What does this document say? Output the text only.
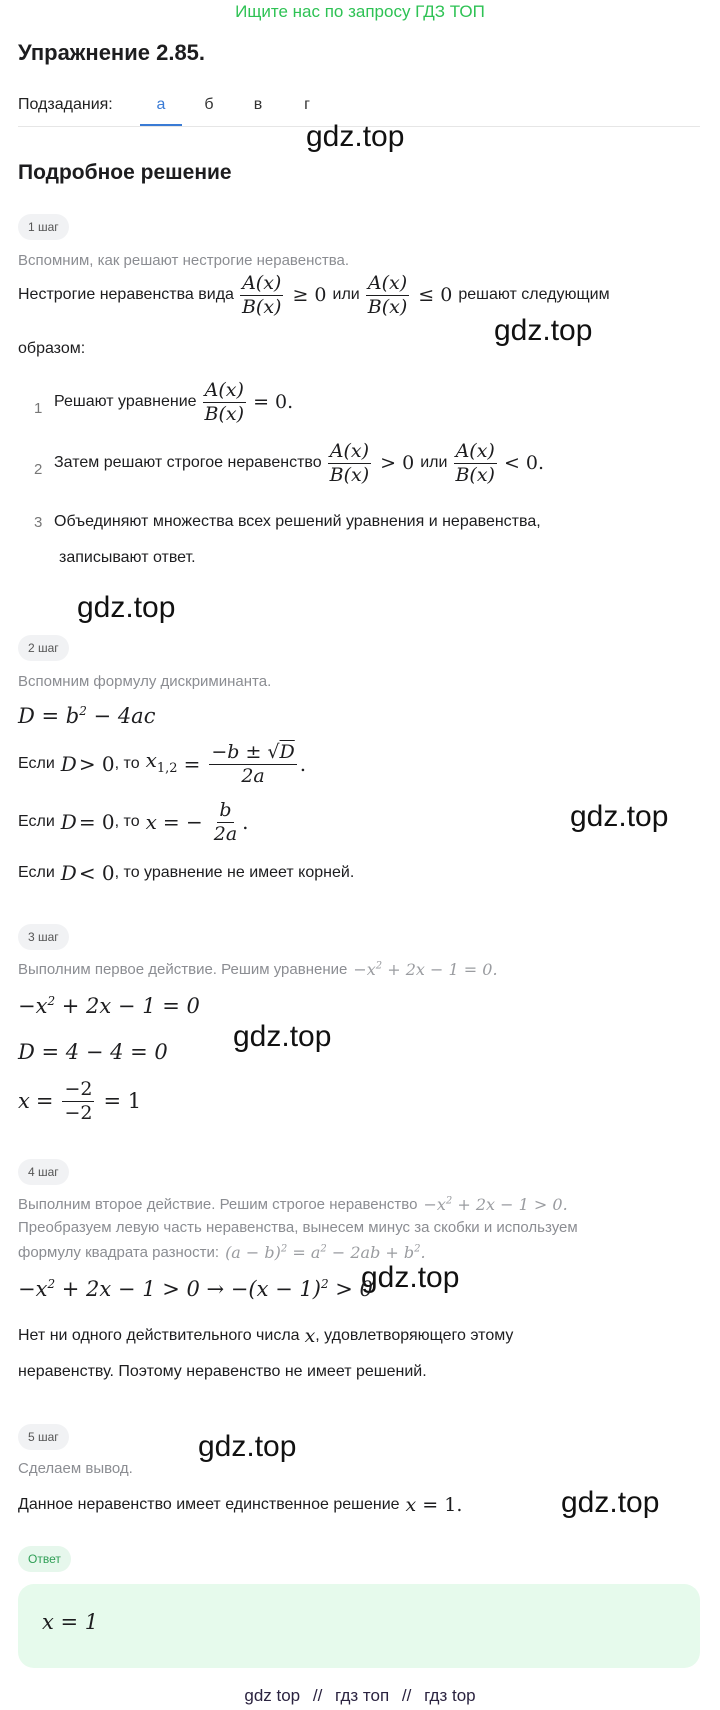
Ищите нас по запросу ГДЗ ТОП
Упражнение 2.85.
Подзадания:	а	б	в	г
gdz.top
gdz.top
gdz.top
gdz.top
gdz.top
gdz.top
gdz.top
gdz.top
Подробное решение
1 шаг
Вспомним, как решают нестрогие неравенства.
Нестрогие неравенства вида $\frac{A(x)}{B(x)} \ge 0$ или $\frac{A(x)}{B(x)} \le 0$ решают следующим
образом:
1 Решают уравнение $\frac{A(x)}{B(x)} = 0$.
2 Затем решают строгое неравенство $\frac{A(x)}{B(x)} > 0$ или $\frac{A(x)}{B(x)} < 0$.
3 Объединяют множества всех решений уравнения и неравенства,
записывают ответ.
2 шаг
Вспомним формулу дискриминанта.
$D = b^2 - 4ac$
Если D > 0 , то $x_{1,2} = \frac{-b \pm √D}{2a}$ .
Если D = 0 , то x = − $\frac{b}{2a}$ .
Если D < 0 , то уравнение не имеет корней.
3 шаг
Выполним первое действие. Решим уравнение $-x^2 + 2x - 1 = 0$.
$-x^2 + 2x - 1 = 0$
D = 4 − 4 = 0
$x = \frac{-2}{-2} = 1$
4 шаг
Выполним второе действие. Решим строгое неравенство $-x^2 + 2x - 1 > 0$.
Преобразуем левую часть неравенства, вынесем минус за скобки и используем
формулу квадрата разности: $(a - b)^2 = a^2 - 2ab + b^2$.
$-x^2 + 2x - 1 > 0 \to -(x - 1)^2 > 0$
Нет ни одного действительного числа x , удовлетворяющего этому
неравенству. Поэтому неравенство не имеет решений.
5 шаг
Сделаем вывод.
Данное неравенство имеет единственное решение x = 1.
Ответ
x = 1
gdz top // гдз топ // гдз top
